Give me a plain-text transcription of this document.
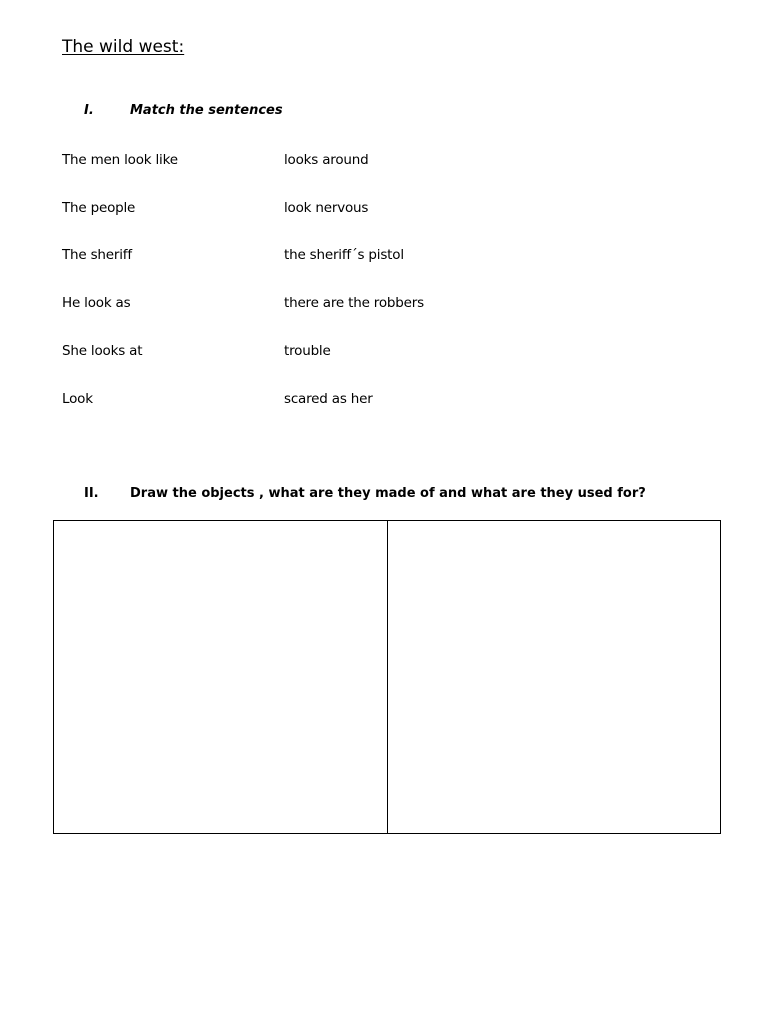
The wild west:
I.	Match the sentences
The men look like	looks around
The people	look nervous
The sheriff	the sheriff´s pistol
He look as	there are the robbers
She looks at	trouble
Look	scared as her
II.	Draw the objects , what are they made of and what are they used for?
